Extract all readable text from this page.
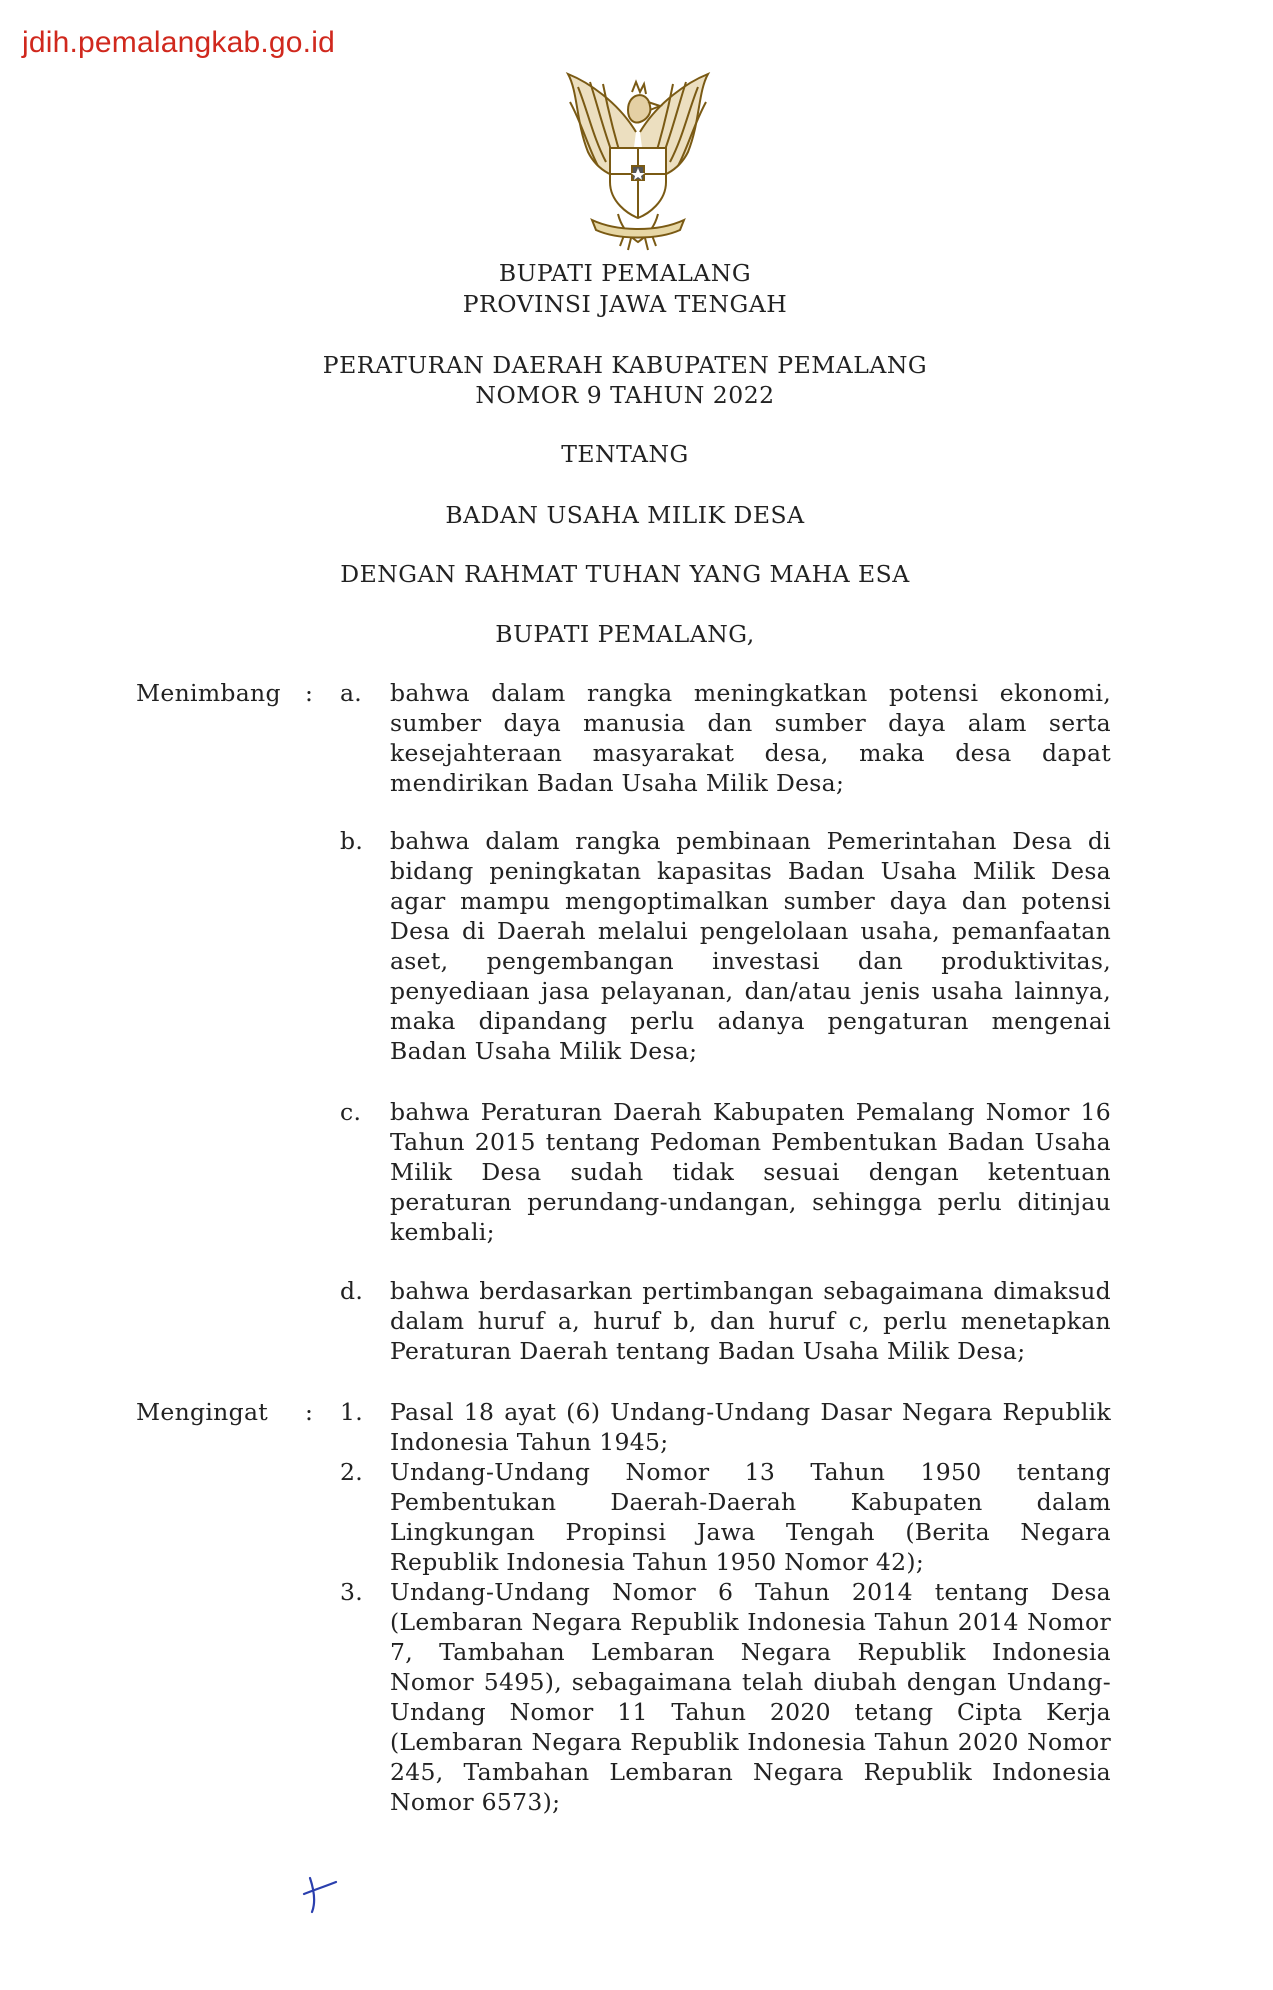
jdih.pemalangkab.go.id
BUPATI PEMALANG
PROVINSI JAWA TENGAH
PERATURAN DAERAH KABUPATEN PEMALANG
NOMOR 9 TAHUN 2022
TENTANG
BADAN USAHA MILIK DESA
DENGAN RAHMAT TUHAN YANG MAHA ESA
BUPATI PEMALANG,
Menimbang	: a.	bahwa dalam rangka meningkatkan potensi ekonomi, sumber daya manusia dan sumber daya alam serta kesejahteraan masyarakat desa, maka desa dapat mendirikan Badan Usaha Milik Desa;
b.	bahwa dalam rangka pembinaan Pemerintahan Desa di bidang peningkatan kapasitas Badan Usaha Milik Desa agar mampu mengoptimalkan sumber daya dan potensi Desa di Daerah melalui pengelolaan usaha, pemanfaatan aset, pengembangan investasi dan produktivitas, penyediaan jasa pelayanan, dan/atau jenis usaha lainnya, maka dipandang perlu adanya pengaturan mengenai Badan Usaha Milik Desa;
c.	bahwa Peraturan Daerah Kabupaten Pemalang Nomor 16 Tahun 2015 tentang Pedoman Pembentukan Badan Usaha Milik Desa sudah tidak sesuai dengan ketentuan peraturan perundang-undangan, sehingga perlu ditinjau kembali;
d.	bahwa berdasarkan pertimbangan sebagaimana dimaksud dalam huruf a, huruf b, dan huruf c, perlu menetapkan Peraturan Daerah tentang Badan Usaha Milik Desa;
Mengingat	: 1.	Pasal 18 ayat (6) Undang-Undang Dasar Negara Republik Indonesia Tahun 1945;
2.	Undang-Undang Nomor 13 Tahun 1950 tentang Pembentukan Daerah-Daerah Kabupaten dalam Lingkungan Propinsi Jawa Tengah (Berita Negara Republik Indonesia Tahun 1950 Nomor 42);
3.	Undang-Undang Nomor 6 Tahun 2014 tentang Desa (Lembaran Negara Republik Indonesia Tahun 2014 Nomor 7, Tambahan Lembaran Negara Republik Indonesia Nomor 5495), sebagaimana telah diubah dengan Undang-Undang Nomor 11 Tahun 2020 tetang Cipta Kerja (Lembaran Negara Republik Indonesia Tahun 2020 Nomor 245, Tambahan Lembaran Negara Republik Indonesia Nomor 6573);
